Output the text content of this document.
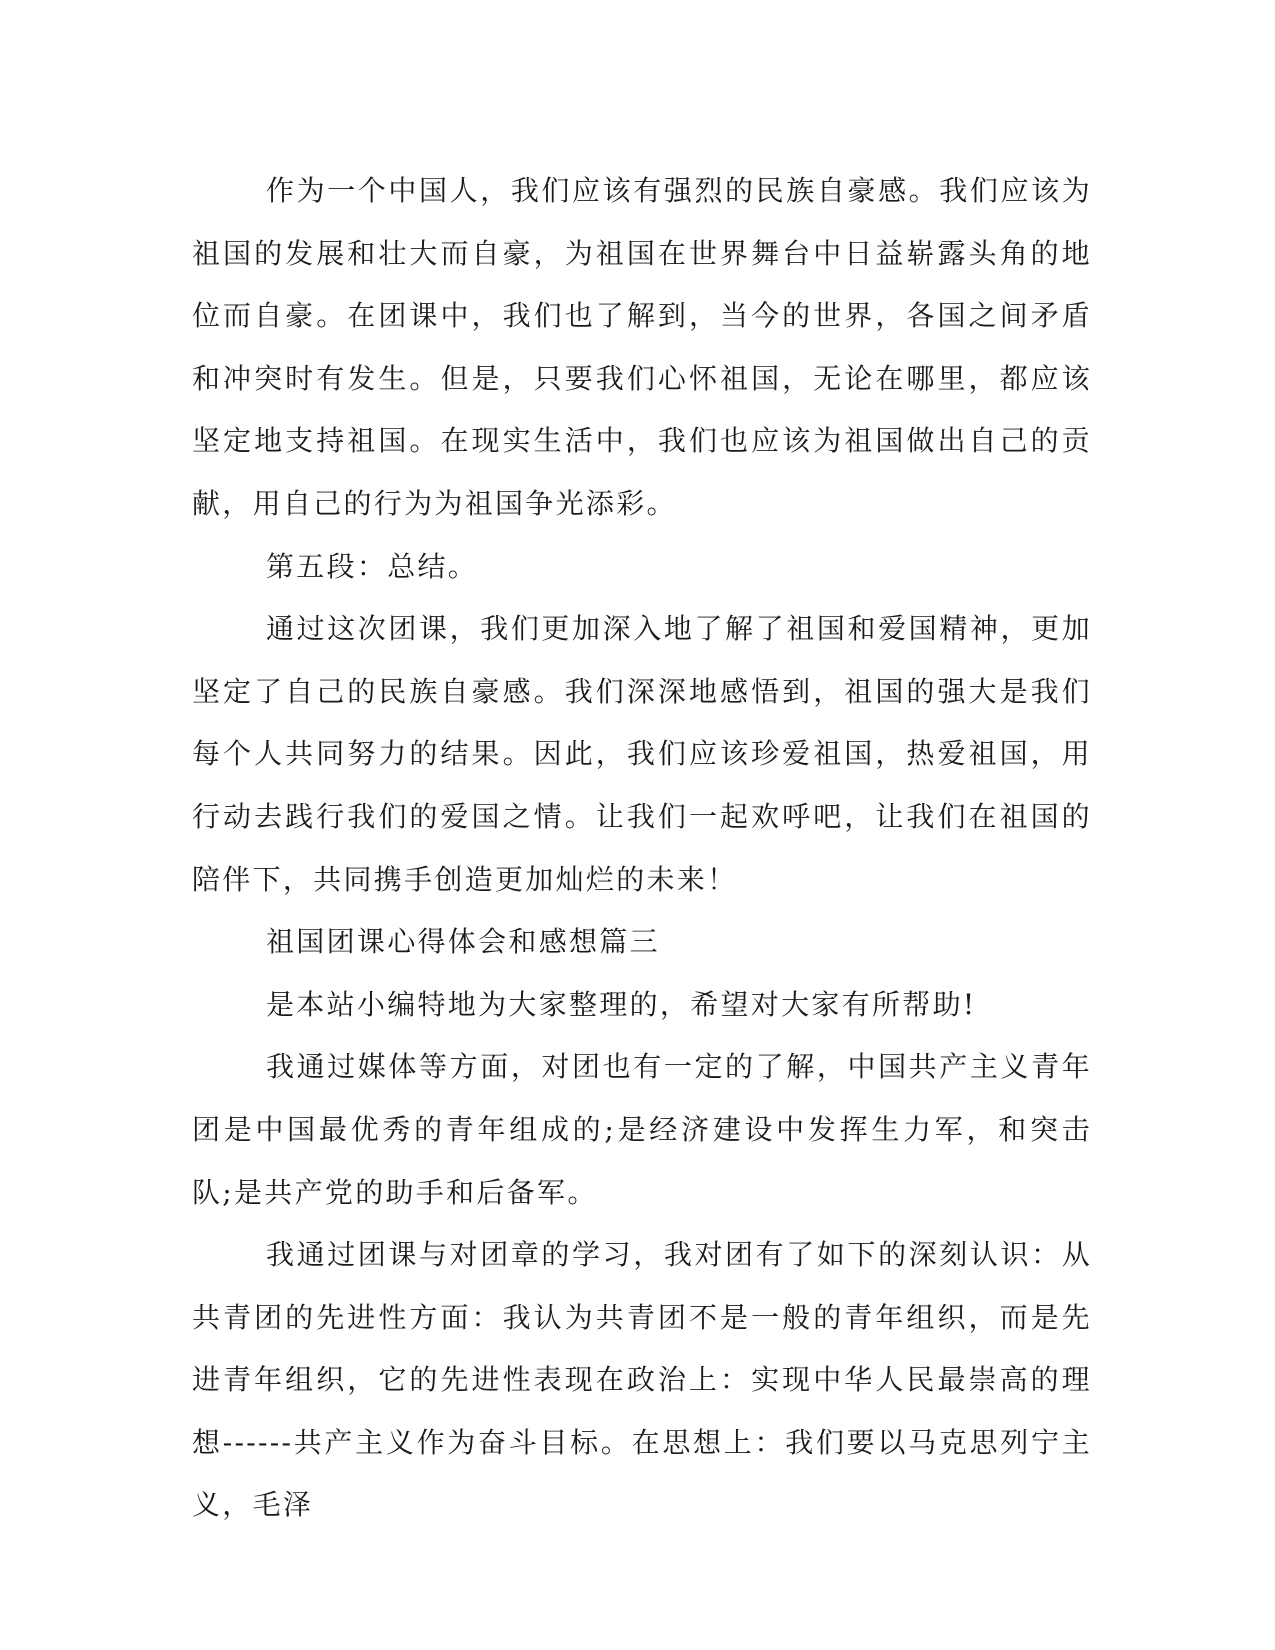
作为一个中国人，我们应该有强烈的民族自豪感。我们应该为祖国的发展和壮大而自豪，为祖国在世界舞台中日益崭露头角的地位而自豪。在团课中，我们也了解到，当今的世界，各国之间矛盾和冲突时有发生。但是，只要我们心怀祖国，无论在哪里，都应该坚定地支持祖国。在现实生活中，我们也应该为祖国做出自己的贡献，用自己的行为为祖国争光添彩。

第五段：总结。

通过这次团课，我们更加深入地了解了祖国和爱国精神，更加坚定了自己的民族自豪感。我们深深地感悟到，祖国的强大是我们每个人共同努力的结果。因此，我们应该珍爱祖国，热爱祖国，用行动去践行我们的爱国之情。让我们一起欢呼吧，让我们在祖国的陪伴下，共同携手创造更加灿烂的未来！

祖国团课心得体会和感想篇三

是本站小编特地为大家整理的，希望对大家有所帮助!

我通过媒体等方面，对团也有一定的了解，中国共产主义青年团是中国最优秀的青年组成的;是经济建设中发挥生力军，和突击队;是共产党的助手和后备军。

我通过团课与对团章的学习，我对团有了如下的深刻认识：从共青团的先进性方面：我认为共青团不是一般的青年组织，而是先进青年组织，它的先进性表现在政治上：实现中华人民最崇高的理想------共产主义作为奋斗目标。在思想上：我们要以马克思列宁主义，毛泽
